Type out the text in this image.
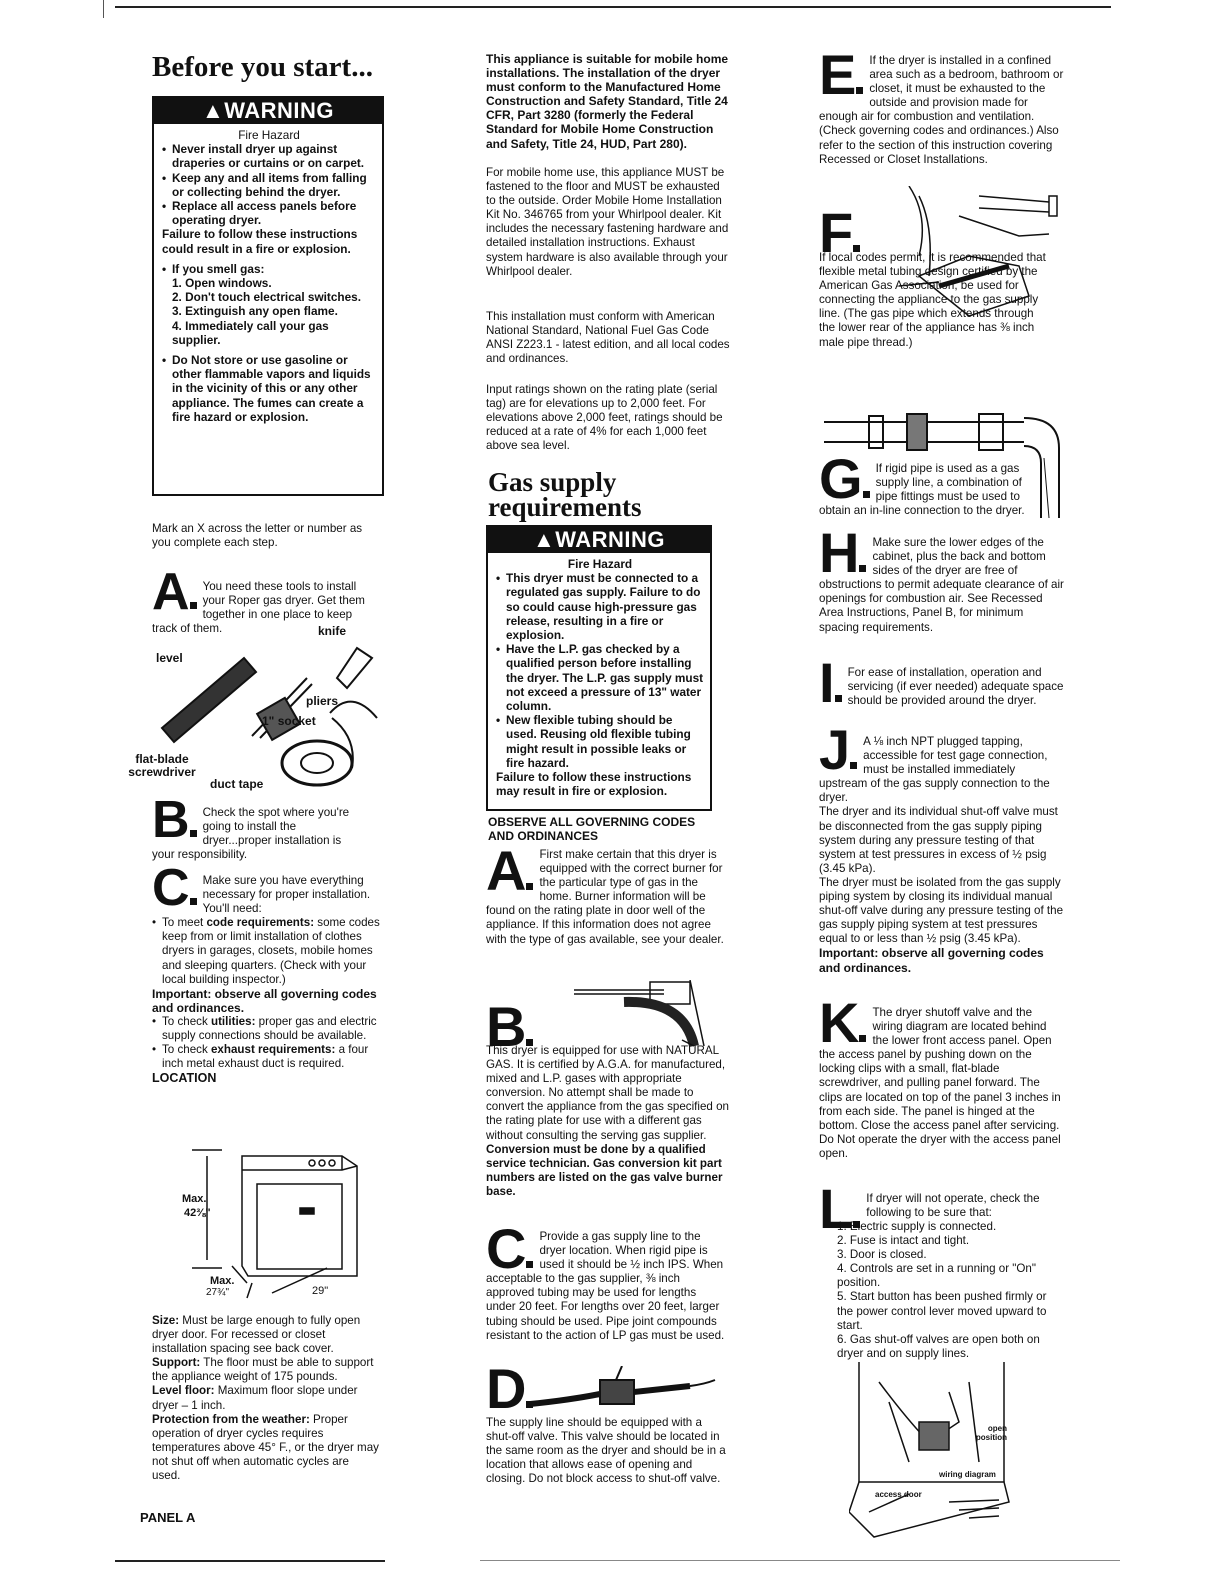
Before you start...
▲WARNING
Fire Hazard
• Never install dryer up against draperies or curtains or on carpet.
• Keep any and all items from falling or collecting behind the dryer.
• Replace all access panels before operating dryer.
Failure to follow these instructions could result in a fire or explosion.
• If you smell gas:
1. Open windows.
2. Don't touch electrical switches.
3. Extinguish any open flame.
4. Immediately call your gas supplier.
• Do Not store or use gasoline or other flammable vapors and liquids in the vicinity of this or any other appliance. The fumes can create a fire hazard or explosion.
Mark an X across the letter or number as you complete each step.
A	You need these tools to install your Roper gas dryer. Get them together in one place to keep track of them.	knife
level
pliers
1" socket
flat-blade screwdriver
duct tape
B	Check the spot where you're going to install the dryer...proper installation is your responsibility.
C	Make sure you have everything necessary for proper installation. You'll need:
• To meet code requirements: some codes keep from or limit installation of clothes dryers in garages, closets, mobile homes and sleeping quarters. (Check with your local building inspector.)
Important: observe all governing codes and ordinances.
• To check utilities: proper gas and electric supply connections should be available.
• To check exhaust requirements: a four inch metal exhaust duct is required.
LOCATION
Max.
42⅜"
Max.
27¾"	29"
Size: Must be large enough to fully open dryer door. For recessed or closet installation spacing see back cover.
Support: The floor must be able to support the appliance weight of 175 pounds.
Level floor: Maximum floor slope under dryer – 1 inch.
Protection from the weather: Proper operation of dryer cycles requires temperatures above 45° F., or the dryer may not shut off when automatic cycles are used.
PANEL A
This appliance is suitable for mobile home installations. The installation of the dryer must conform to the Manufactured Home Construction and Safety Standard, Title 24 CFR, Part 3280 (formerly the Federal Standard for Mobile Home Construction and Safety, Title 24, HUD, Part 280).
For mobile home use, this appliance MUST be fastened to the floor and MUST be exhausted to the outside. Order Mobile Home Installation Kit No. 346765 from your Whirlpool dealer. Kit includes the necessary fastening hardware and detailed installation instructions. Exhaust system hardware is also available through your Whirlpool dealer.
This installation must conform with American National Standard, National Fuel Gas Code ANSI Z223.1 - latest edition, and all local codes and ordinances.
Input ratings shown on the rating plate (serial tag) are for elevations up to 2,000 feet. For elevations above 2,000 feet, ratings should be reduced at a rate of 4% for each 1,000 feet above sea level.
Gas supply
requirements
▲WARNING
Fire Hazard
• This dryer must be connected to a regulated gas supply. Failure to do so could cause high-pressure gas release, resulting in a fire or explosion.
• Have the L.P. gas checked by a qualified person before installing the dryer. The L.P. gas supply must not exceed a pressure of 13" water column.
• New flexible tubing should be used. Reusing old flexible tubing might result in possible leaks or fire hazard.
Failure to follow these instructions may result in fire or explosion.
OBSERVE ALL GOVERNING CODES AND ORDINANCES
A	First make certain that this dryer is equipped with the correct burner for the particular type of gas in the home. Burner information will be found on the rating plate in door well of the appliance. If this information does not agree with the type of gas available, see your dealer.
B
This dryer is equipped for use with NATURAL GAS. It is certified by A.G.A. for manufactured, mixed and L.P. gases with appropriate conversion. No attempt shall be made to convert the appliance from the gas specified on the rating plate for use with a different gas without consulting the serving gas supplier. Conversion must be done by a qualified service technician. Gas conversion kit part numbers are listed on the gas valve burner base.
C	Provide a gas supply line to the dryer location. When rigid pipe is used it should be ½ inch IPS. When acceptable to the gas supplier, ⅜ inch approved tubing may be used for lengths under 20 feet. For lengths over 20 feet, larger tubing should be used. Pipe joint compounds resistant to the action of LP gas must be used.
D
The supply line should be equipped with a shut-off valve. This valve should be located in the same room as the dryer and should be in a location that allows ease of opening and closing. Do not block access to shut-off valve.
E	If the dryer is installed in a confined area such as a bedroom, bathroom or closet, it must be exhausted to the outside and provision made for enough air for combustion and ventilation. (Check governing codes and ordinances.) Also refer to the section of this instruction covering Recessed or Closet Installations.
F
If local codes permit, it is recommended that flexible metal tubing design certified by the American Gas Association, be used for connecting the appliance to the gas supply line. (The gas pipe which extends through the lower rear of the appliance has ⅜ inch male pipe thread.)
G	If rigid pipe is used as a gas supply line, a combination of pipe fittings must be used to obtain an in-line connection to the dryer.
H	Make sure the lower edges of the cabinet, plus the back and bottom sides of the dryer are free of obstructions to permit adequate clearance of air openings for combustion air. See Recessed Area Instructions, Panel B, for minimum spacing requirements.
I	For ease of installation, operation and servicing (if ever needed) adequate space should be provided around the dryer.
J	A ⅛ inch NPT plugged tapping, accessible for test gage connection, must be installed immediately upstream of the gas supply connection to the dryer.
The dryer and its individual shut-off valve must be disconnected from the gas supply piping system during any pressure testing of that system at test pressures in excess of ½ psig (3.45 kPa).
The dryer must be isolated from the gas supply piping system by closing its individual manual shut-off valve during any pressure testing of the gas supply piping system at test pressures equal to or less than ½ psig (3.45 kPa).
Important: observe all governing codes and ordinances.
K	The dryer shutoff valve and the wiring diagram are located behind the lower front access panel. Open the access panel by pushing down on the locking clips with a small, flat-blade screwdriver, and pulling panel forward. The clips are located on top of the panel 3 inches in from each side. The panel is hinged at the bottom. Close the access panel after servicing. Do Not operate the dryer with the access panel open.
L	If dryer will not operate, check the following to be sure that:
1. Electric supply is connected.
2. Fuse is intact and tight.
3. Door is closed.
4. Controls are set in a running or "On" position.
5. Start button has been pushed firmly or the power control lever moved upward to start.
6. Gas shut-off valves are open both on dryer and on supply lines.
open position
wiring diagram
access door
